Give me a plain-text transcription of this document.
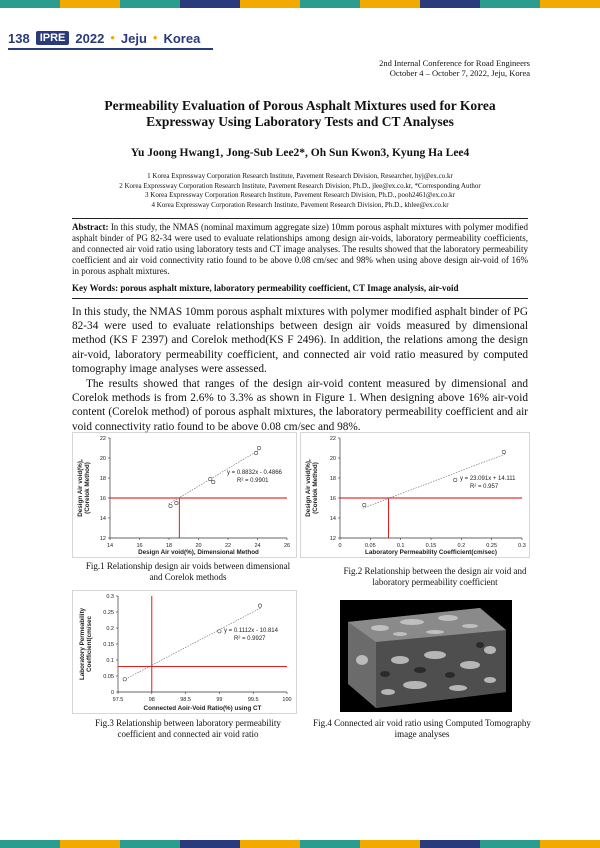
138 IPRE 2022 • Jeju • Korea
2nd Internal Conference for Road Engineers
October 4 – October 7, 2022, Jeju, Korea
Permeability Evaluation of Porous Asphalt Mixtures used for Korea
Expressway Using Laboratory Tests and CT Analyses
Yu Joong Hwang1, Jong-Sub Lee2*, Oh Sun Kwon3, Kyung Ha Lee4
1 Korea Expressway Corporation Research Institute, Pavement Research Division, Researcher, hyj@ex.co.kr
2 Korea Expressway Corporation Research Institute, Pavement Research Division, Ph.D., jlee@ex.co.kr, *Corresponding Author
3 Korea Expressway Corporation Research Institute, Pavement Research Division, Ph.D., pooh2461@ex.co.kr
4 Korea Expressway Corporation Research Institute, Pavement Research Division, Ph.D., khlee@ex.co.kr
Abstract: In this study, the NMAS (nominal maximum aggregate size) 10mm porous asphalt mixtures with polymer modified asphalt binder of PG 82-34 were used to evaluate relationships among design air-voids, laboratory permeability coefficients, and connected air void ratio using laboratory tests and CT image analyses. The results showed that the laboratory permeability coefficient and air void connectivity ratio found to be above 0.08 cm/sec and 98% when using above design air-void of 16% in porous asphalt mixtures.
Key Words: porous asphalt mixture, laboratory permeability coefficient, CT Image analysis, air-void
In this study, the NMAS 10mm porous asphalt mixtures with polymer modified asphalt binder of PG 82-34 were used to evaluate relationships between design air voids measured by dimensional method (KS F 2397) and Corelok method(KS F 2496). In addition, the relations among the design air-void, laboratory permeability coefficient, and connected air void ratio measured by computed tomography image analyses were assessed.
The results showed that ranges of the design air-void content measured by dimensional and Corelok methods is from 2.6% to 3.3% as shown in Figure 1. When designing above 16% air-void content (Corelok method) of porous asphalt mixtures, the laboratory permeability coefficient and air void connectivity ratio found to be above 0.08 cm/sec and 98%.
14	16	18	20	22	24	26
12
14
16
18
20
22
Design Air void(%), Dimensional Method
Design Air void(%),(Corelok Method)	y = 0.8832x - 0.4866
R² = 0.9901
Fig.1 Relationship design air voids between dimensional and Corelok methods
0	0.05	0.1	0.15	0.2	0.25	0.3
12
14
16
18
20
22
Laboratory Permeability Coefficient(cm/sec)
Design Air void(%),(Corelok Method)	y = 23.091x + 14.111
R² = 0.957
Fig.2 Relationship between the design air void and laboratory permeability coefficient
97.5	98	98.5	99	99.5	100
0
0.05
0.1
0.15
0.2
0.25
0.3
Connected Aoir-Void Ratio(%) using CT
Laboratory PermeabilityCoefficient(cm/sec	y = 0.1112x - 10.814
R² = 0.9927
Fig.3 Relationship between laboratory permeability coefficient and connected air void ratio
Fig.4 Connected air void ratio using Computed Tomography image analyses
